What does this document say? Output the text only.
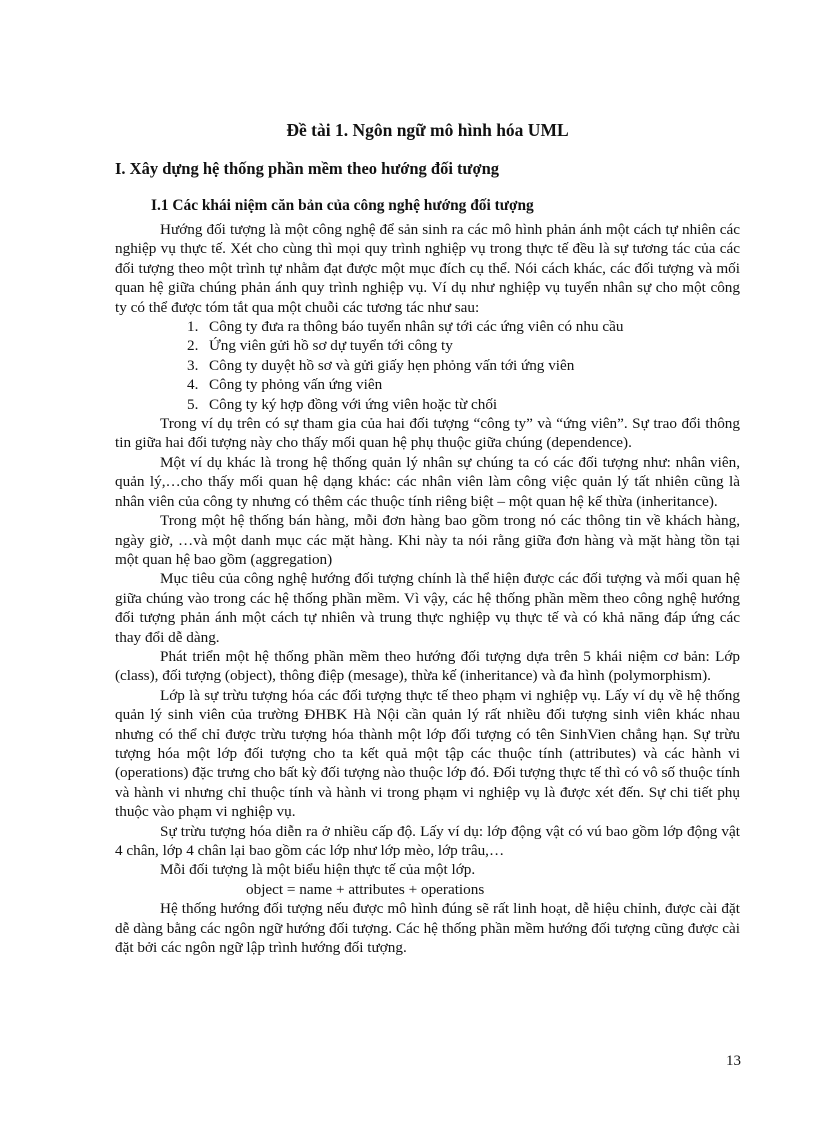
Đề tài 1. Ngôn ngữ mô hình hóa UML
I. Xây dựng hệ thống phần mềm theo hướng đối tượng
I.1 Các khái niệm căn bản của công nghệ hướng đối tượng

Hướng đối tượng là một công nghệ để sản sinh ra các mô hình phản ánh một cách tự nhiên các nghiệp vụ thực tế. Xét cho cùng thì mọi quy trình nghiệp vụ trong thực tế đều là sự tương tác của các đối tượng theo một trình tự nhằm đạt được một mục đích cụ thể. Nói cách khác, các đối tượng và mối quan hệ giữa chúng phản ánh quy trình nghiệp vụ. Ví dụ như nghiệp vụ tuyển nhân sự cho một công ty có thể được tóm tắt qua một chuỗi các tương tác như sau:

1. Công ty đưa ra thông báo tuyển nhân sự tới các ứng viên có nhu cầu
2. Ứng viên gửi hồ sơ dự tuyển tới công ty
3. Công ty duyệt hồ sơ và gửi giấy hẹn phỏng vấn tới ứng viên
4. Công ty phỏng vấn ứng viên
5. Công ty ký hợp đồng với ứng viên hoặc từ chối

Trong ví dụ trên có sự tham gia của hai đối tượng “công ty” và “ứng viên”. Sự trao đổi thông tin giữa hai đối tượng này cho thấy mối quan hệ phụ thuộc giữa chúng (dependence).

Một ví dụ khác là trong hệ thống quản lý nhân sự chúng ta có các đối tượng như: nhân viên, quản lý,…cho thấy mối quan hệ dạng khác: các nhân viên làm công việc quản lý tất nhiên cũng là nhân viên của công ty nhưng có thêm các thuộc tính riêng biệt – một quan hệ kế thừa (inheritance).

Trong một hệ thống bán hàng, mỗi đơn hàng bao gồm trong nó các thông tin về khách hàng, ngày giờ, …và một danh mục các mặt hàng. Khi này ta nói rằng giữa đơn hàng và mặt hàng tồn tại một quan hệ bao gồm (aggregation)

Mục tiêu của công nghệ hướng đối tượng chính là thể hiện được các đối tượng và mối quan hệ giữa chúng vào trong các hệ thống phần mềm. Vì vậy, các hệ thống phần mềm theo công nghệ hướng đối tượng phản ánh một cách tự nhiên và trung thực nghiệp vụ thực tế và có khả năng đáp ứng các thay đổi dễ dàng.

Phát triển một hệ thống phần mềm theo hướng đối tượng dựa trên 5 khái niệm cơ bản: Lớp (class), đối tượng (object), thông điệp (mesage), thừa kế (inheritance) và đa hình (polymorphism).

Lớp là sự trừu tượng hóa các đối tượng thực tế theo phạm vi nghiệp vụ. Lấy ví dụ về hệ thống quản lý sinh viên của trường ĐHBK Hà Nội cần quản lý rất nhiều đối tượng sinh viên khác nhau nhưng có thể chỉ được trừu tượng hóa thành một lớp đối tượng có tên SinhVien chẳng hạn. Sự trừu tượng hóa một lớp đối tượng cho ta kết quả một tập các thuộc tính (attributes) và các hành vi (operations) đặc trưng cho bất kỳ đối tượng nào thuộc lớp đó. Đối tượng thực tế thì có vô số thuộc tính và hành vi nhưng chỉ thuộc tính và hành vi trong phạm vi nghiệp vụ là được xét đến. Sự chi tiết phụ thuộc vào phạm vi nghiệp vụ.

Sự trừu tượng hóa diễn ra ở nhiều cấp độ. Lấy ví dụ: lớp động vật có vú bao gồm lớp động vật 4 chân, lớp 4 chân lại bao gồm các lớp như lớp mèo, lớp trâu,…

Mỗi đối tượng là một biểu hiện thực tế của một lớp.

object = name + attributes + operations

Hệ thống hướng đối tượng nếu được mô hình đúng sẽ rất linh hoạt, dễ hiệu chỉnh, được cài đặt dễ dàng bằng các ngôn ngữ hướng đối tượng. Các hệ thống phần mềm hướng đối tượng cũng được cài đặt bởi các ngôn ngữ lập trình hướng đối tượng.

13
